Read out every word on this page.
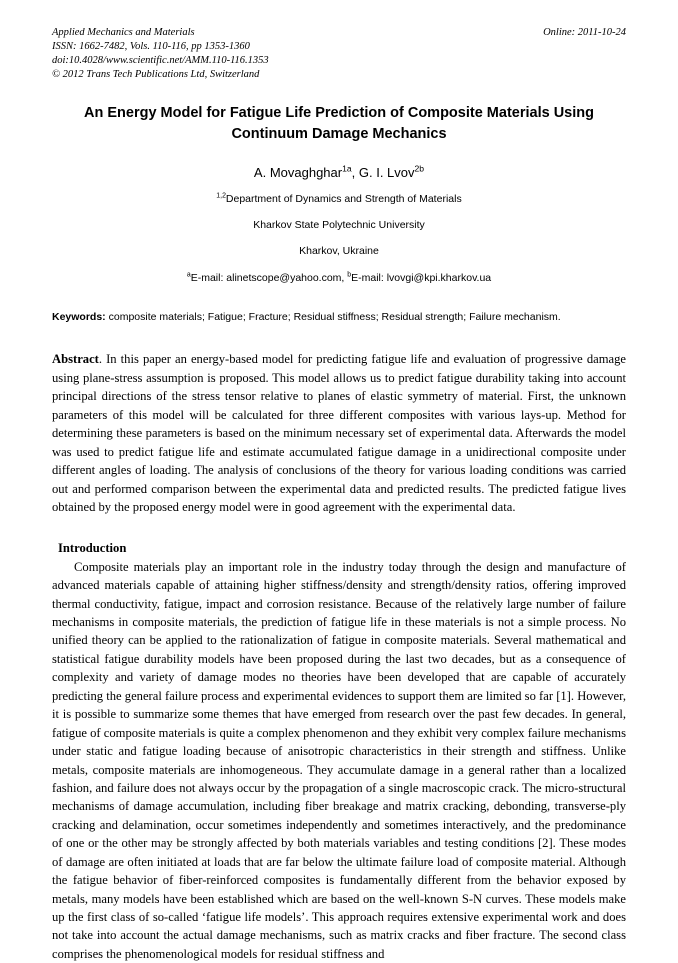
Applied Mechanics and Materials
ISSN: 1662-7482, Vols. 110-116, pp 1353-1360
doi:10.4028/www.scientific.net/AMM.110-116.1353
© 2012 Trans Tech Publications Ltd, Switzerland
Online: 2011-10-24
An Energy Model for Fatigue Life Prediction of Composite Materials Using Continuum Damage Mechanics
A. Movaghghar$^{1a}$, G. I. Lvov$^{2b}$
$^{1,2}$Department of Dynamics and Strength of Materials
Kharkov State Polytechnic University
Kharkov, Ukraine
$^a$E-mail: alinetscope@yahoo.com, $^b$E-mail: lvovgi@kpi.kharkov.ua
Keywords: composite materials; Fatigue; Fracture; Residual stiffness; Residual strength; Failure mechanism.
Abstract. In this paper an energy-based model for predicting fatigue life and evaluation of progressive damage using plane-stress assumption is proposed. This model allows us to predict fatigue durability taking into account principal directions of the stress tensor relative to planes of elastic symmetry of material. First, the unknown parameters of this model will be calculated for three different composites with various lays-up. Method for determining these parameters is based on the minimum necessary set of experimental data. Afterwards the model was used to predict fatigue life and estimate accumulated fatigue damage in a unidirectional composite under different angles of loading. The analysis of conclusions of the theory for various loading conditions was carried out and performed comparison between the experimental data and predicted results. The predicted fatigue lives obtained by the proposed energy model were in good agreement with the experimental data.
Introduction
Composite materials play an important role in the industry today through the design and manufacture of advanced materials capable of attaining higher stiffness/density and strength/density ratios, offering improved thermal conductivity, fatigue, impact and corrosion resistance. Because of the relatively large number of failure mechanisms in composite materials, the prediction of fatigue life in these materials is not a simple process. No unified theory can be applied to the rationalization of fatigue in composite materials. Several mathematical and statistical fatigue durability models have been proposed during the last two decades, but as a consequence of complexity and variety of damage modes no theories have been developed that are capable of accurately predicting the general failure process and experimental evidences to support them are limited so far [1]. However, it is possible to summarize some themes that have emerged from research over the past few decades. In general, fatigue of composite materials is quite a complex phenomenon and they exhibit very complex failure mechanisms under static and fatigue loading because of anisotropic characteristics in their strength and stiffness. Unlike metals, composite materials are inhomogeneous. They accumulate damage in a general rather than a localized fashion, and failure does not always occur by the propagation of a single macroscopic crack. The micro-structural mechanisms of damage accumulation, including fiber breakage and matrix cracking, debonding, transverse-ply cracking and delamination, occur sometimes independently and sometimes interactively, and the predominance of one or the other may be strongly affected by both materials variables and testing conditions [2]. These modes of damage are often initiated at loads that are far below the ultimate failure load of composite material. Although the fatigue behavior of fiber-reinforced composites is fundamentally different from the behavior exposed by metals, many models have been established which are based on the well-known S-N curves. These models make up the first class of so-called ‘fatigue life models’. This approach requires extensive experimental work and does not take into account the actual damage mechanisms, such as matrix cracks and fiber fracture. The second class comprises the phenomenological models for residual stiffness and
